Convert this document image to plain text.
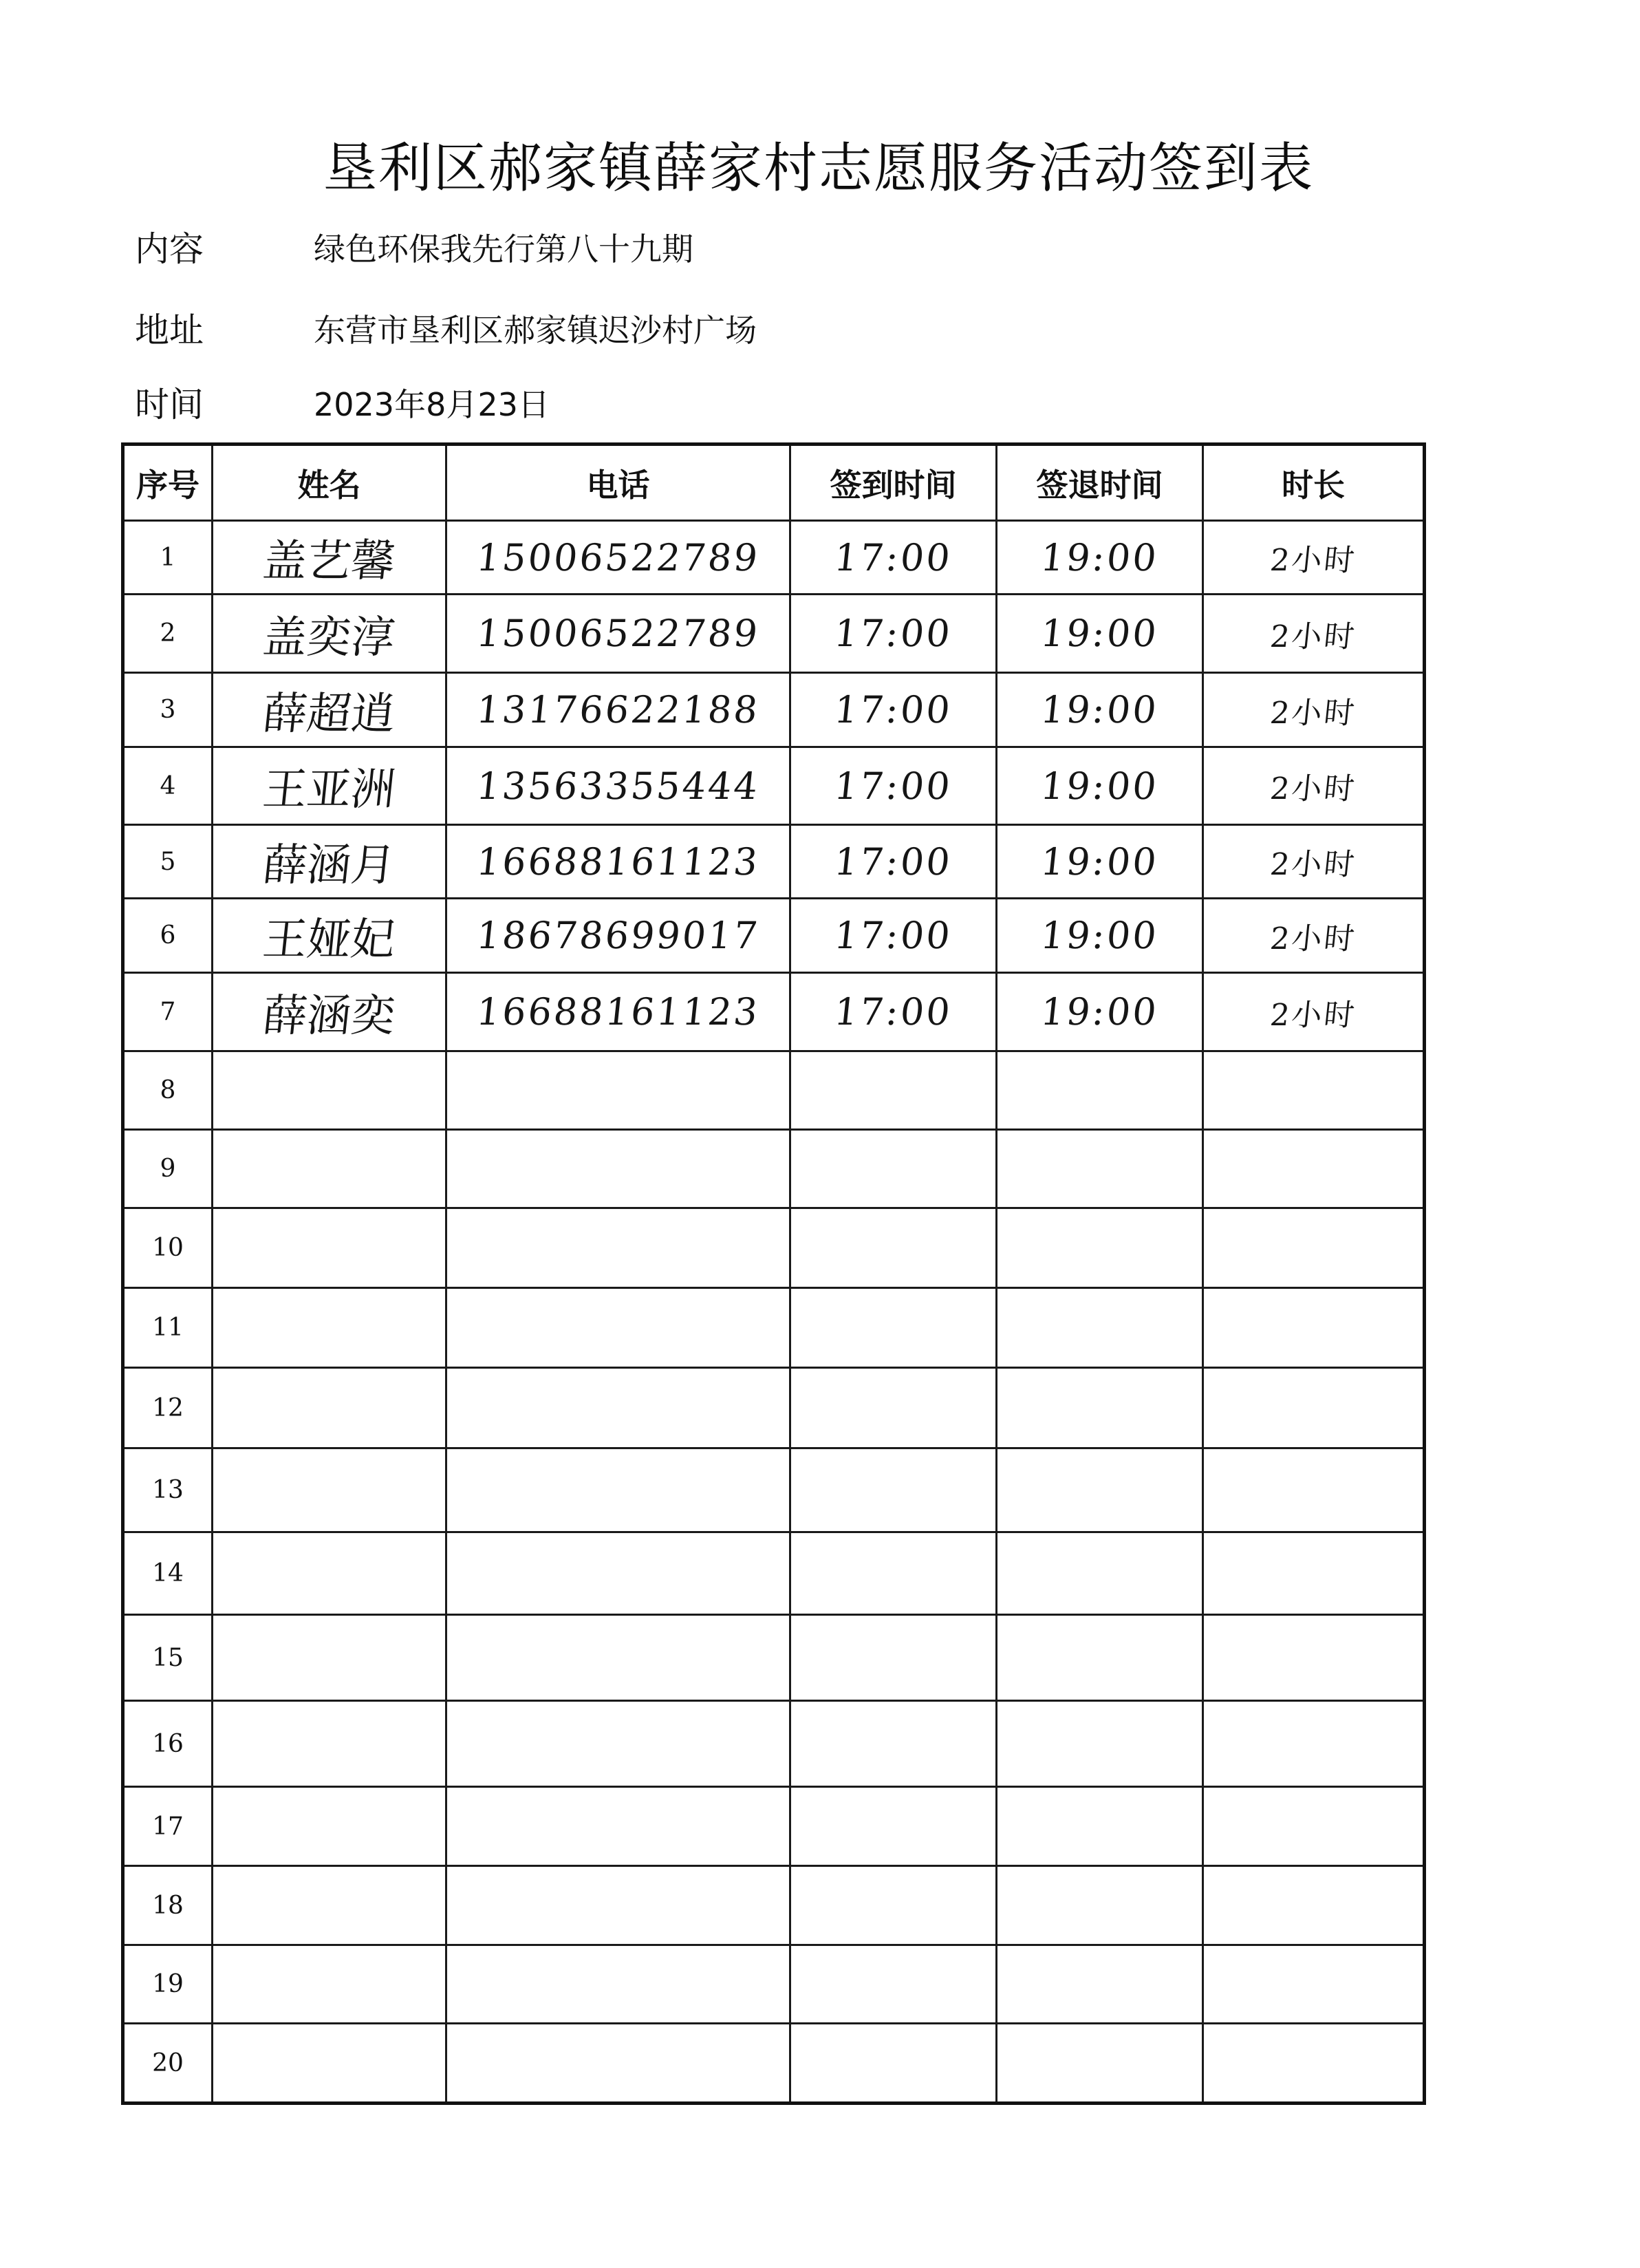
垦利区郝家镇薛家村志愿服务活动签到表
内容	绿色环保我先行第八十九期
地址	东营市垦利区郝家镇迟沙村广场
时间	2023年8月23日
序号	姓名	电话	签到时间	签退时间	时长
1	盖艺馨	15006522789	17:00	19:00	2小时
2	盖奕淳	15006522789	17:00	19:00	2小时
3	薛超逍	13176622188	17:00	19:00	2小时
4	王亚洲	13563355444	17:00	19:00	2小时
5	薛涵月	16688161123	17:00	19:00	2小时
6	王娅妃	18678699017	17:00	19:00	2小时
7	薛涵奕	16688161123	17:00	19:00	2小时
8					
9					
10					
11					
12					
13					
14					
15					
16					
17					
18					
19					
20					
